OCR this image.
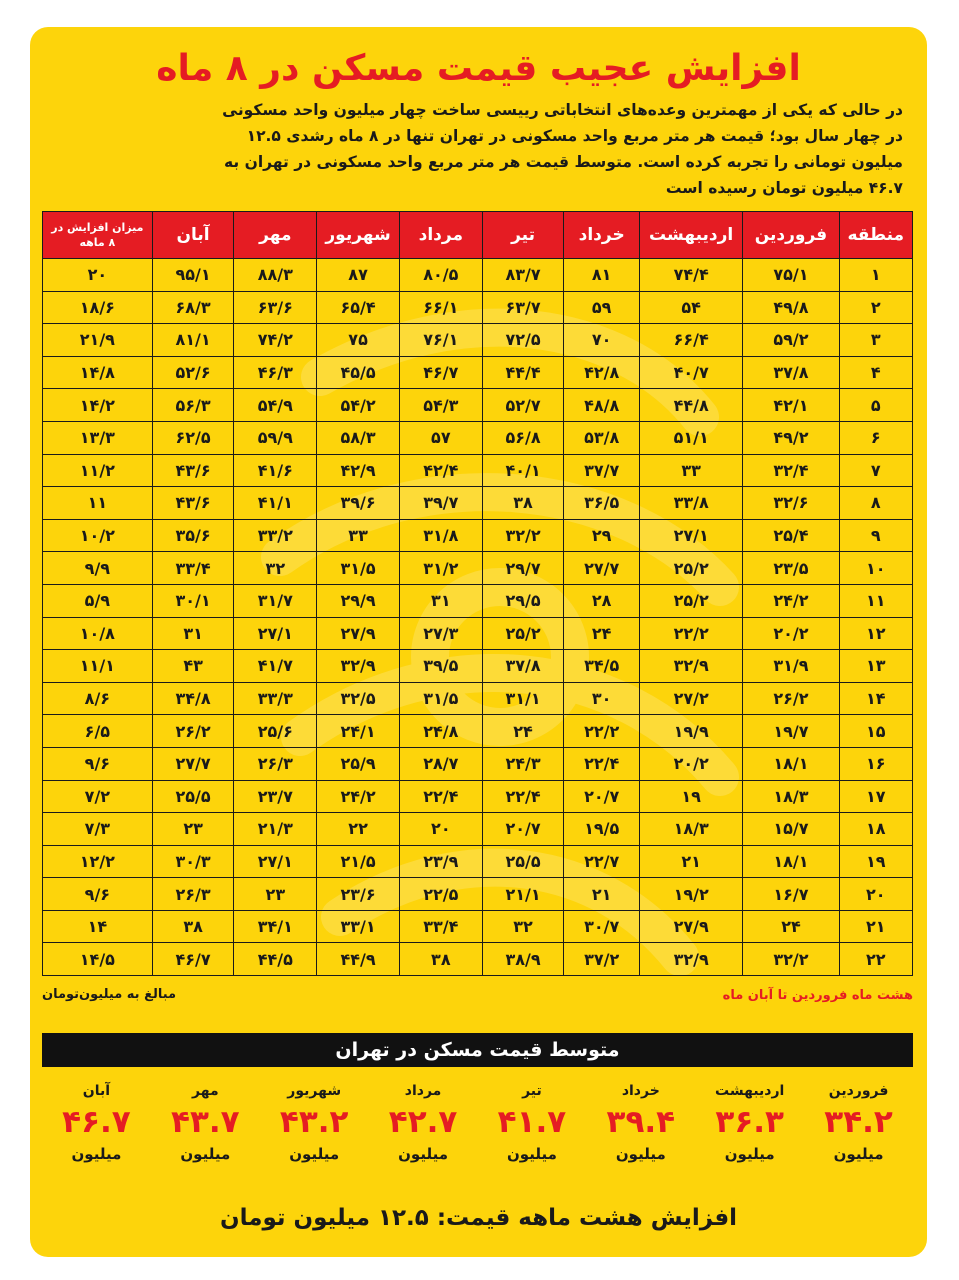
افزایش عجیب قیمت مسکن در ۸ ماه

در حالی که یکی از مهمترین وعده‌های انتخاباتی رییسی ساخت چهار میلیون واحد مسکونی در چهار سال بود؛ قیمت هر متر مربع واحد مسکونی در تهران تنها در ۸ ماه رشدی ۱۲.۵ میلیون تومانی را تجربه کرده است. متوسط قیمت هر متر مربع واحد مسکونی در تهران به ۴۶.۷ میلیون تومان رسیده است

منطقه	فروردین	اردیبهشت	خرداد	تیر	مرداد	شهریور	مهر	آبان	میزان افزایش در ۸ ماهه
۱	۷۵/۱	۷۴/۴	۸۱	۸۳/۷	۸۰/۵	۸۷	۸۸/۳	۹۵/۱	۲۰
۲	۴۹/۸	۵۴	۵۹	۶۳/۷	۶۶/۱	۶۵/۴	۶۳/۶	۶۸/۳	۱۸/۶
۳	۵۹/۲	۶۶/۴	۷۰	۷۲/۵	۷۶/۱	۷۵	۷۴/۲	۸۱/۱	۲۱/۹
۴	۳۷/۸	۴۰/۷	۴۲/۸	۴۴/۴	۴۶/۷	۴۵/۵	۴۶/۳	۵۲/۶	۱۴/۸
۵	۴۲/۱	۴۴/۸	۴۸/۸	۵۲/۷	۵۴/۳	۵۴/۲	۵۴/۹	۵۶/۳	۱۴/۲
۶	۴۹/۲	۵۱/۱	۵۳/۸	۵۶/۸	۵۷	۵۸/۳	۵۹/۹	۶۲/۵	۱۳/۳
۷	۳۲/۴	۳۳	۳۷/۷	۴۰/۱	۴۲/۴	۴۲/۹	۴۱/۶	۴۳/۶	۱۱/۲
۸	۳۲/۶	۳۳/۸	۳۶/۵	۳۸	۳۹/۷	۳۹/۶	۴۱/۱	۴۳/۶	۱۱
۹	۲۵/۴	۲۷/۱	۲۹	۳۲/۲	۳۱/۸	۳۳	۳۳/۲	۳۵/۶	۱۰/۲
۱۰	۲۳/۵	۲۵/۲	۲۷/۷	۲۹/۷	۳۱/۲	۳۱/۵	۳۲	۳۳/۴	۹/۹
۱۱	۲۴/۲	۲۵/۲	۲۸	۲۹/۵	۳۱	۲۹/۹	۳۱/۷	۳۰/۱	۵/۹
۱۲	۲۰/۲	۲۲/۲	۲۴	۲۵/۲	۲۷/۳	۲۷/۹	۲۷/۱	۳۱	۱۰/۸
۱۳	۳۱/۹	۳۲/۹	۳۴/۵	۳۷/۸	۳۹/۵	۳۲/۹	۴۱/۷	۴۳	۱۱/۱
۱۴	۲۶/۲	۲۷/۲	۳۰	۳۱/۱	۳۱/۵	۳۲/۵	۳۳/۳	۳۴/۸	۸/۶
۱۵	۱۹/۷	۱۹/۹	۲۲/۲	۲۴	۲۴/۸	۲۴/۱	۲۵/۶	۲۶/۲	۶/۵
۱۶	۱۸/۱	۲۰/۲	۲۲/۴	۲۴/۳	۲۸/۷	۲۵/۹	۲۶/۳	۲۷/۷	۹/۶
۱۷	۱۸/۳	۱۹	۲۰/۷	۲۲/۴	۲۲/۴	۲۴/۲	۲۳/۷	۲۵/۵	۷/۲
۱۸	۱۵/۷	۱۸/۳	۱۹/۵	۲۰/۷	۲۰	۲۲	۲۱/۳	۲۳	۷/۳
۱۹	۱۸/۱	۲۱	۲۲/۷	۲۵/۵	۲۳/۹	۲۱/۵	۲۷/۱	۳۰/۳	۱۲/۲
۲۰	۱۶/۷	۱۹/۲	۲۱	۲۱/۱	۲۲/۵	۲۳/۶	۲۳	۲۶/۳	۹/۶
۲۱	۲۴	۲۷/۹	۳۰/۷	۳۲	۳۳/۴	۳۳/۱	۳۴/۱	۳۸	۱۴
۲۲	۳۲/۲	۳۲/۹	۳۷/۲	۳۸/۹	۳۸	۴۴/۹	۴۴/۵	۴۶/۷	۱۴/۵
مبالغ به میلیون‌تومان	هشت ماه فروردین تا آبان ماه
متوسط قیمت مسکن در تهران
فروردین
۳۴.۲
میلیون
اردیبهشت
۳۶.۳
میلیون
خرداد
۳۹.۴
میلیون
تیر
۴۱.۷
میلیون
مرداد
۴۲.۷
میلیون
شهریور
۴۳.۲
میلیون
مهر
۴۳.۷
میلیون
آبان
۴۶.۷
میلیون
افزایش هشت ماهه قیمت: ۱۲.۵ میلیون تومان
